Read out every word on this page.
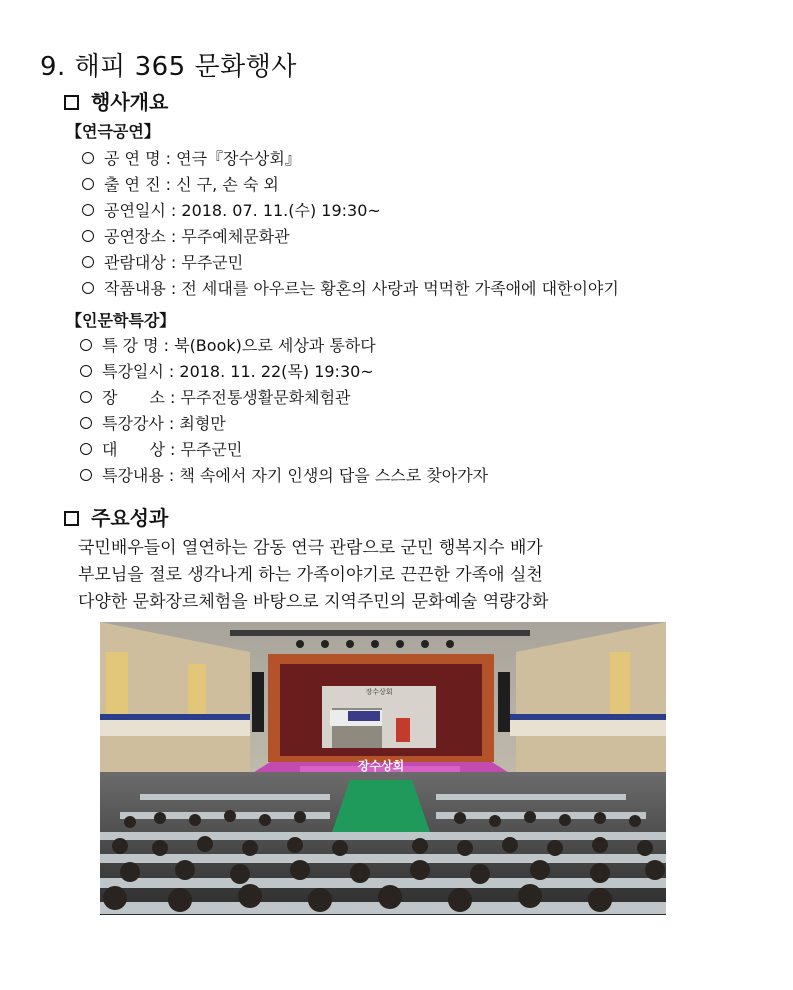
9. 해피 365 문화행사
행사개요
【연극공연】
공 연 명 : 연극『장수상회』
출 연 진 : 신 구, 손 숙 외
공연일시 : 2018. 07. 11.(수) 19:30~
공연장소 : 무주예체문화관
관람대상 : 무주군민
작품내용 : 전 세대를 아우르는 황혼의 사랑과 먹먹한 가족애에 대한이야기
【인문학특강】
특 강 명 : 북(Book)으로 세상과 통하다
특강일시 : 2018. 11. 22(목) 19:30~
장　　소 : 무주전통생활문화체험관
특강강사 : 최형만
대　　상 : 무주군민
특강내용 : 책 속에서 자기 인생의 답을 스스로 찾아가자
주요성과
국민배우들이 열연하는 감동 연극 관람으로 군민 행복지수 배가
부모님을 절로 생각나게 하는 가족이야기로 끈끈한 가족애 실천
다양한 문화장르체험을 바탕으로 지역주민의 문화예술 역량강화
장수상회
장수상회
